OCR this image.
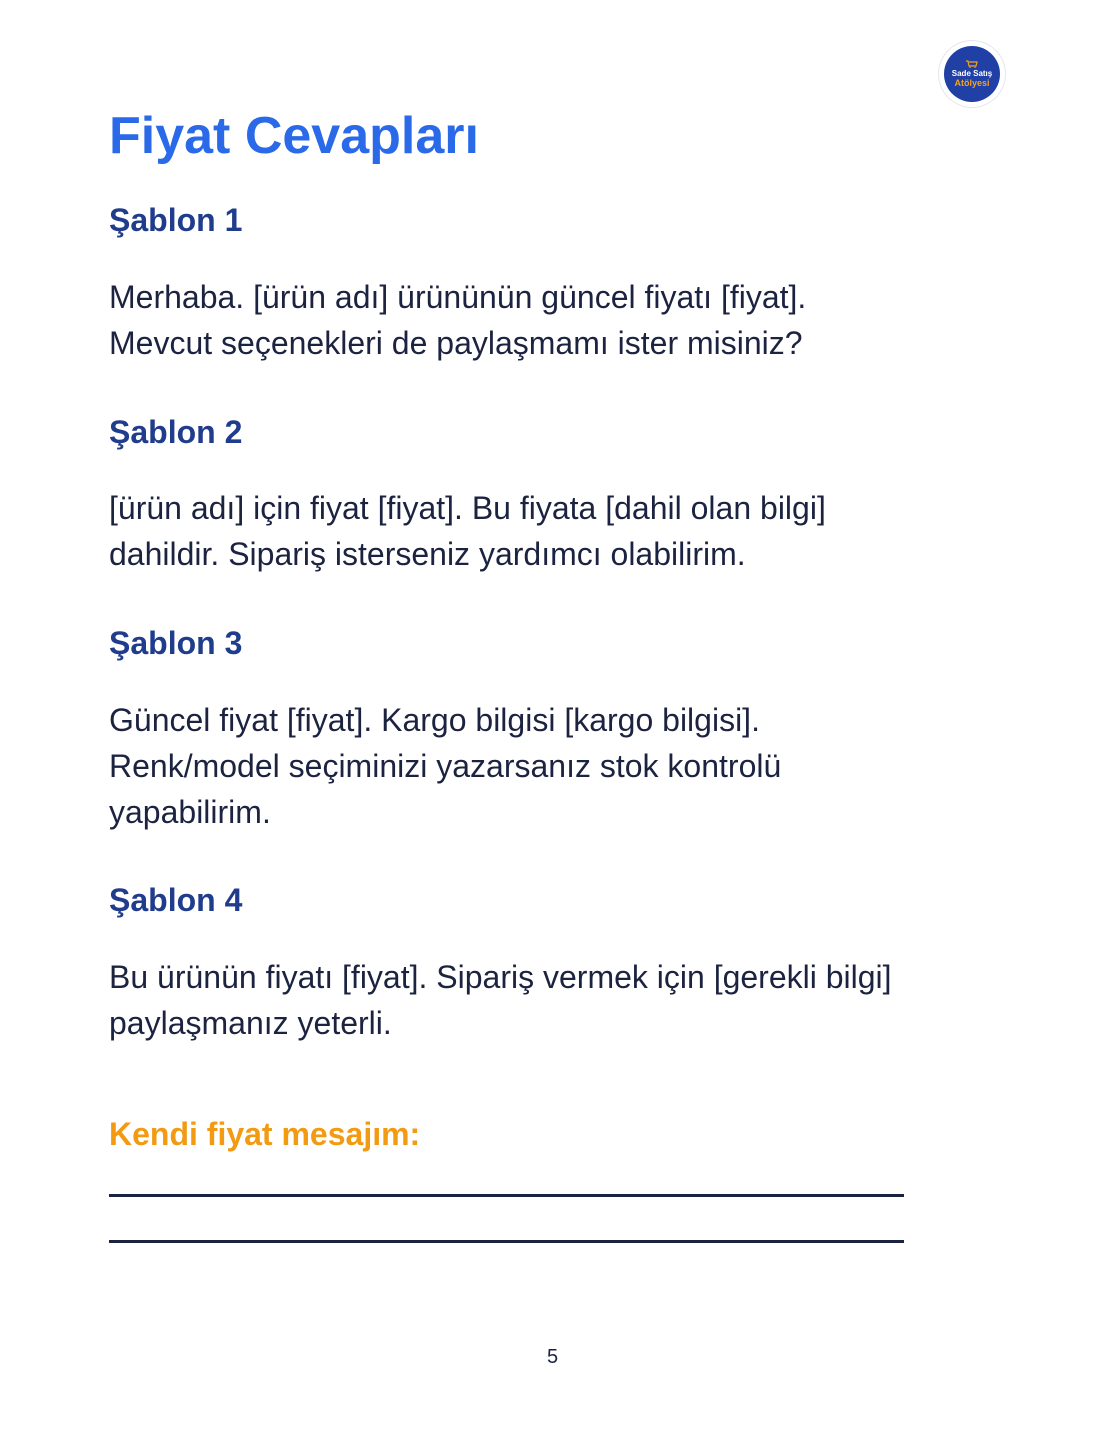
Sade Satış
Atölyesi
Fiyat Cevapları
Şablon 1

Merhaba. [ürün adı] ürününün güncel fiyatı [fiyat].
Mevcut seçenekleri de paylaşmamı ister misiniz?

Şablon 2

[ürün adı] için fiyat [fiyat]. Bu fiyata [dahil olan bilgi]
dahildir. Sipariş isterseniz yardımcı olabilirim.

Şablon 3

Güncel fiyat [fiyat]. Kargo bilgisi [kargo bilgisi].
Renk/model seçiminizi yazarsanız stok kontrolü
yapabilirim.

Şablon 4

Bu ürünün fiyatı [fiyat]. Sipariş vermek için [gerekli bilgi]
paylaşmanız yeterli.

Kendi fiyat mesajım:
5
